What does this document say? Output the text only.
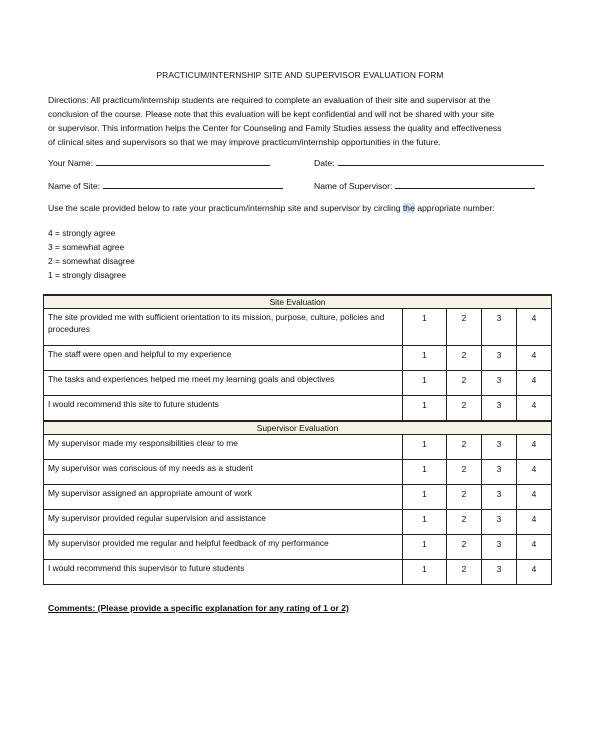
PRACTICUM/INTERNSHIP SITE AND SUPERVISOR EVALUATION FORM
Directions: All practicum/internship students are required to complete an evaluation of their site and supervisor at the
conclusion of the course. Please note that this evaluation will be kept confidential and will not be shared with your site
or supervisor. This information helps the Center for Counseling and Family Studies assess the quality and effectiveness
of clinical sites and supervisors so that we may improve practicum/internship opportunities in the future.
Your Name:	Date:
Name of Site:	Name of Supervisor:
Use the scale provided below to rate your practicum/internship site and supervisor by circling the appropriate number:
4 = strongly agree
3 = somewhat agree
2 = somewhat disagree
1 = strongly disagree
Site Evaluation				
The site provided me with sufficient orientation to its mission, purpose, culture, policies and procedures	1	2	3	4
The staff were open and helpful to my experience	1	2	3	4
The tasks and experiences helped me meet my learning goals and objectives	1	2	3	4
I would recommend this site to future students	1	2	3	4
Supervisor Evaluation				
My supervisor made my responsibilities clear to me	1	2	3	4
My supervisor was conscious of my needs as a student	1	2	3	4
My supervisor assigned an appropriate amount of work	1	2	3	4
My supervisor provided regular supervision and assistance	1	2	3	4
My supervisor provided me regular and helpful feedback of my performance	1	2	3	4
I would recommend this supervisor to future students	1	2	3	4
Comments: (Please provide a specific explanation for any rating of 1 or 2)
